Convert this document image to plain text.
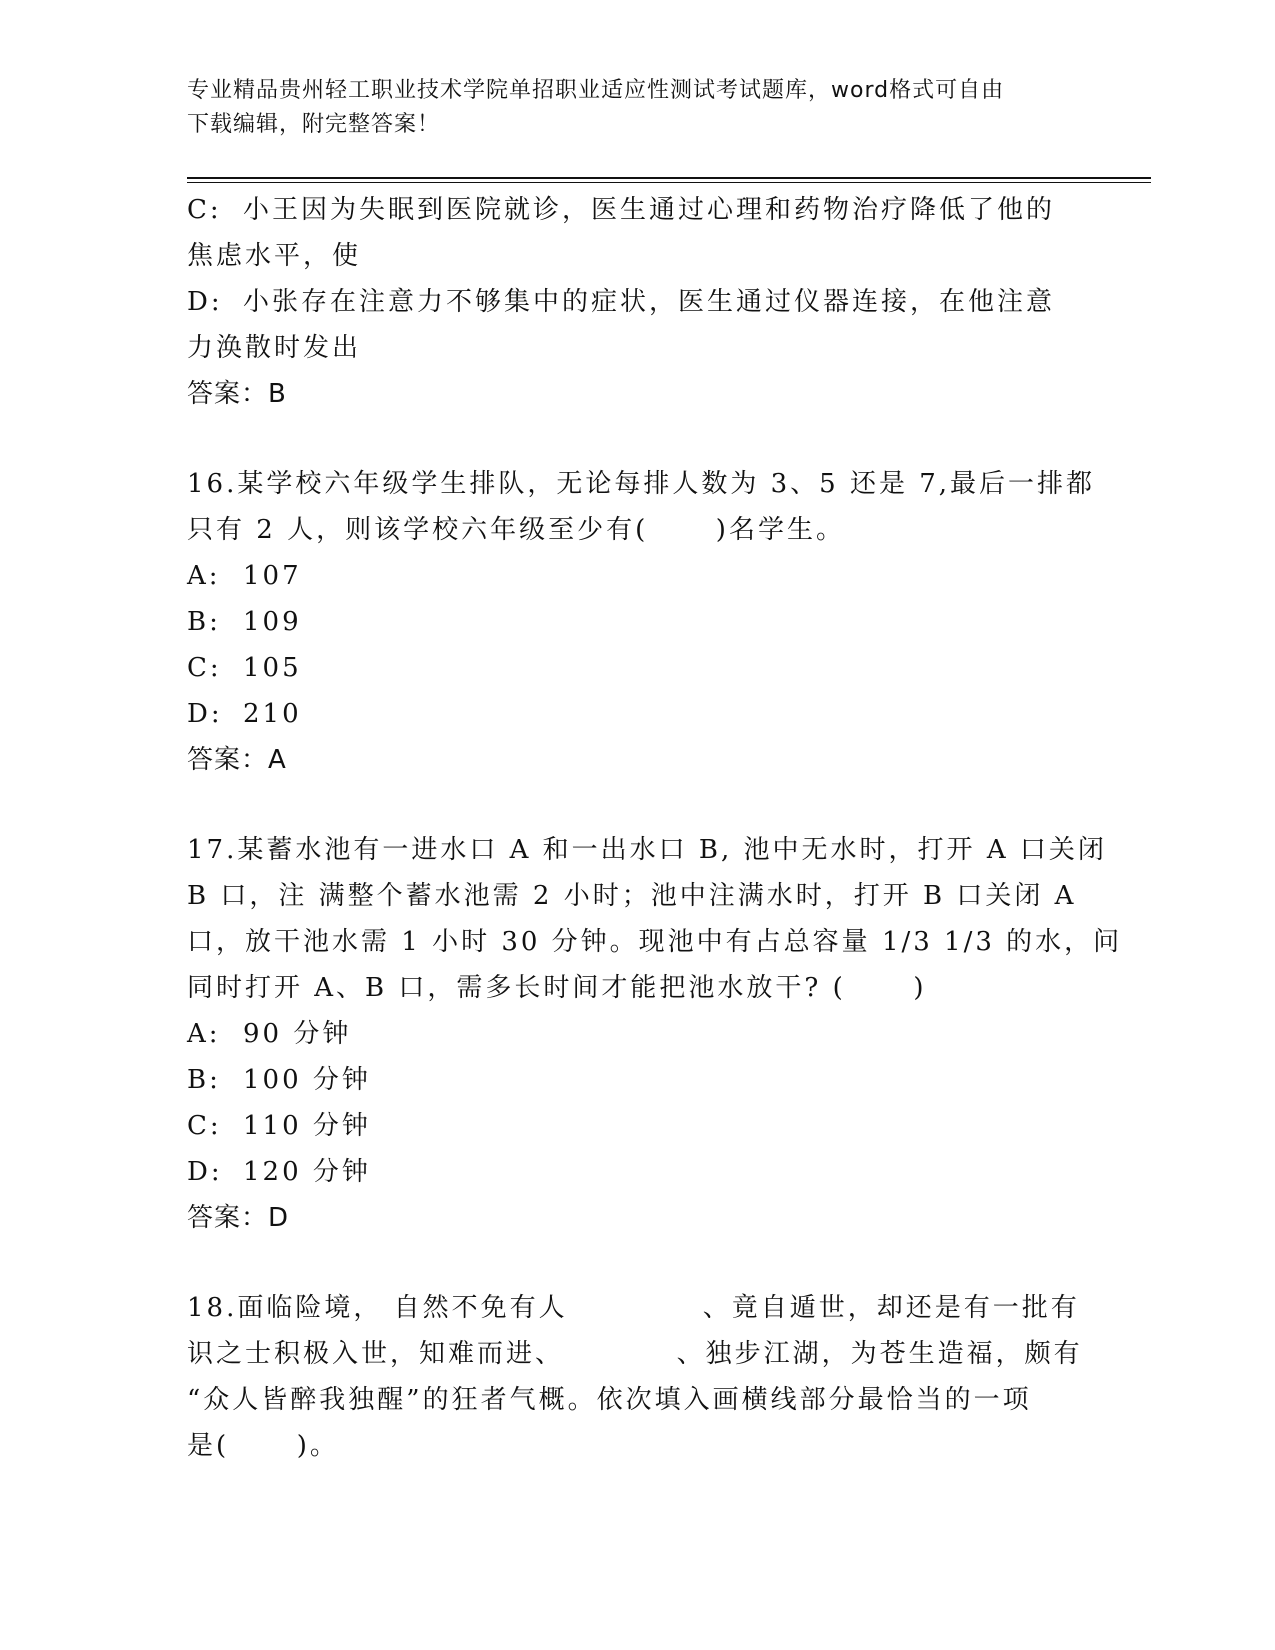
专业精品贵州轻工职业技术学院单招职业适应性测试考试题库，word格式可自由
下载编辑，附完整答案！
C: 小王因为失眠到医院就诊，医生通过心理和药物治疗降低了他的
焦虑水平，使
D: 小张存在注意力不够集中的症状，医生通过仪器连接，在他注意
力涣散时发出
答案：B
16.某学校六年级学生排队，无论每排人数为 3、5 还是 7,最后一排都
只有 2 人，则该学校六年级至少有(      )名学生。
A: 107
B: 109
C: 105
D: 210
答案：A
17.某蓄水池有一进水口 A 和一出水口 B, 池中无水时，打开 A 口关闭
B 口，注 满整个蓄水池需 2 小时；池中注满水时，打开 B 口关闭 A
口，放干池水需 1 小时 30 分钟。现池中有占总容量 1/3 1/3 的水，问
同时打开 A、B 口，需多长时间才能把池水放干? (      )
A: 90 分钟
B: 100 分钟
C: 110 分钟
D: 120 分钟
答案：D
18.面临险境， 自然不免有人            、竟自遁世，却还是有一批有
识之士积极入世，知难而进、          、独步江湖，为苍生造福，颇有
“众人皆醉我独醒”的狂者气概。依次填入画横线部分最恰当的一项
是(      )。
